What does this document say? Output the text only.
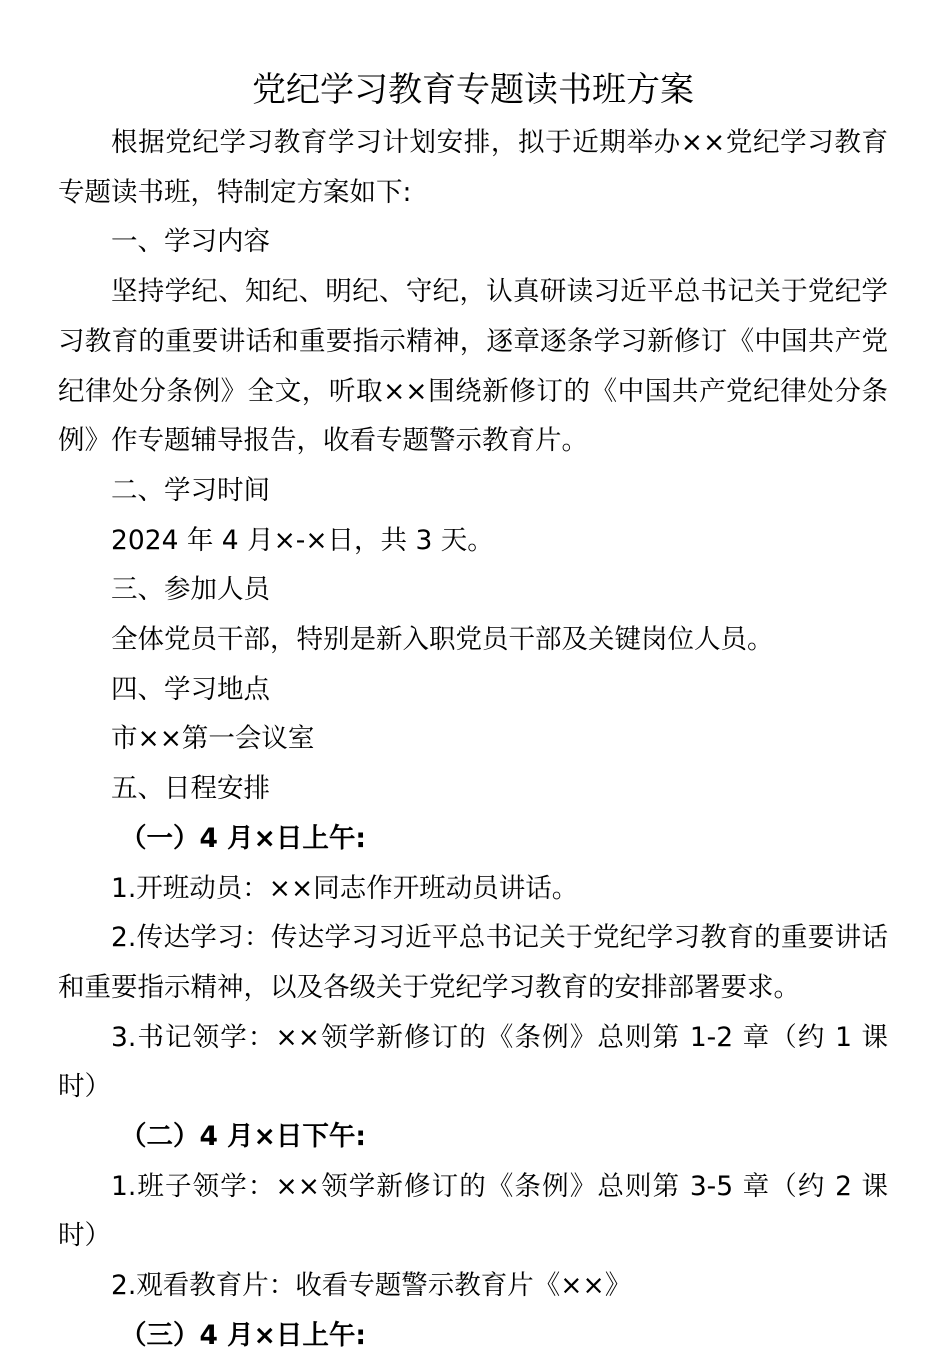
党纪学习教育专题读书班方案

根据党纪学习教育学习计划安排，拟于近期举办××党纪学习教育专题读书班，特制定方案如下:

一、学习内容

坚持学纪、知纪、明纪、守纪，认真研读习近平总书记关于党纪学习教育的重要讲话和重要指示精神，逐章逐条学习新修订《中国共产党纪律处分条例》全文，听取××围绕新修订的《中国共产党纪律处分条例》作专题辅导报告，收看专题警示教育片。

二、学习时间

2024 年 4 月×-×日，共 3 天。

三、参加人员

全体党员干部，特别是新入职党员干部及关键岗位人员。

四、学习地点

市××第一会议室

五、日程安排

（一）4 月×日上午:

1.开班动员：××同志作开班动员讲话。

2.传达学习：传达学习习近平总书记关于党纪学习教育的重要讲话和重要指示精神，以及各级关于党纪学习教育的安排部署要求。

3.书记领学：××领学新修订的《条例》总则第 1-2 章（约 1 课时）

（二）4 月×日下午:

1.班子领学：××领学新修订的《条例》总则第 3-5 章（约 2 课时）

2.观看教育片：收看专题警示教育片《××》

（三）4 月×日上午:
